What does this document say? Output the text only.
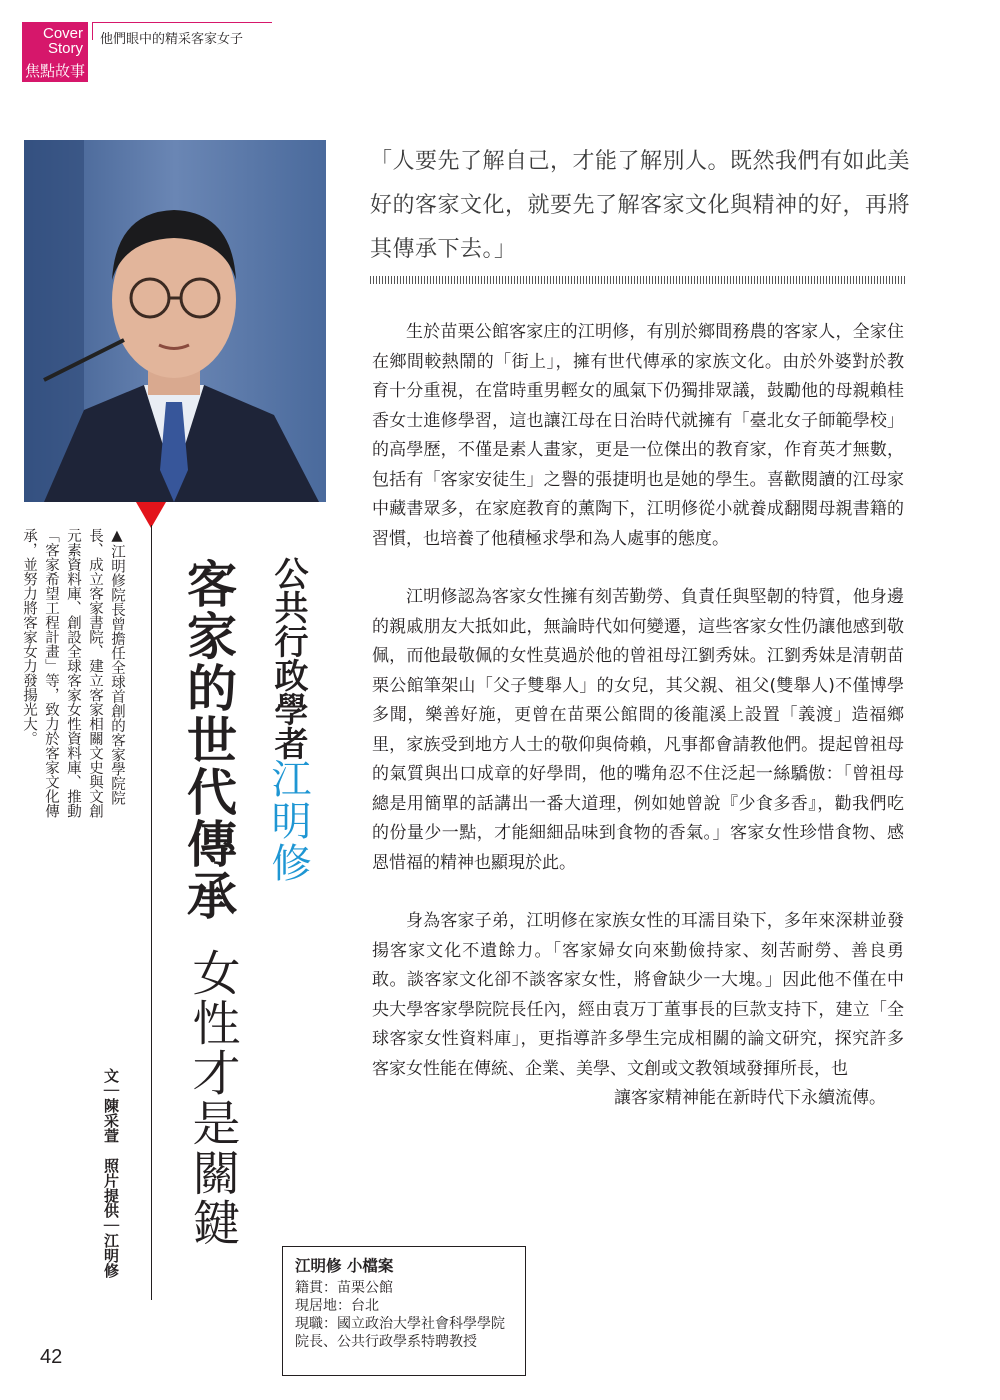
Cover
Story
焦點故事
他們眼中的精采客家女子
公共行政學者
江明修
客家的世代傳承
女性才是關鍵
▲江明修院長曾擔任全球首創的客家學院院長、成立客家書院、建立客家相關文史與文創元素資料庫、創設全球客家女性資料庫、推動「客家希望工程計畫」等，致力於客家文化傳承，並努力將客家女力發揚光大。
文｜陳采萱　照片提供｜江明修
「人要先了解自己，才能了解別人。既然我們有如此美好的客家文化，就要先了解客家文化與精神的好，再將其傳承下去。」

生於苗栗公館客家庄的江明修，有別於鄉間務農的客家人，全家住在鄉間較熱鬧的「街上」，擁有世代傳承的家族文化。由於外婆對於教育十分重視，在當時重男輕女的風氣下仍獨排眾議，鼓勵他的母親賴桂香女士進修學習，這也讓江母在日治時代就擁有「臺北女子師範學校」的高學歷，不僅是素人畫家，更是一位傑出的教育家，作育英才無數，包括有「客家安徒生」之譽的張捷明也是她的學生。喜歡閱讀的江母家中藏書眾多，在家庭教育的薰陶下，江明修從小就養成翻閱母親書籍的習慣，也培養了他積極求學和為人處事的態度。

江明修認為客家女性擁有刻苦勤勞、負責任與堅韌的特質，他身邊的親戚朋友大抵如此，無論時代如何變遷，這些客家女性仍讓他感到敬佩，而他最敬佩的女性莫過於他的曾祖母江劉秀妹。江劉秀妹是清朝苗栗公館筆架山「父子雙舉人」的女兒，其父親、祖父(雙舉人)不僅博學多聞，樂善好施，更曾在苗栗公館間的後龍溪上設置「義渡」造福鄉里，家族受到地方人士的敬仰與倚賴，凡事都會請教他們。提起曾祖母的氣質與出口成章的好學問，他的嘴角忍不住泛起一絲驕傲：「曾祖母總是用簡單的話講出一番大道理，例如她曾說『少食多香』，勸我們吃的份量少一點，才能細細品味到食物的香氣。」客家女性珍惜食物、感恩惜福的精神也顯現於此。

身為客家子弟，江明修在家族女性的耳濡目染下，多年來深耕並發揚客家文化不遺餘力。「客家婦女向來勤儉持家、刻苦耐勞、善良勇敢。談客家文化卻不談客家女性，將會缺少一大塊。」因此他不僅在中央大學客家學院院長任內，經由袁万丁董事長的巨款支持下，建立「全球客家女性資料庫」，更指導許多學生完成相關的論文研究，探究許多客家女性能在傳統、企業、美學、文創或文教領域發揮所長，也
讓客家精神能在新時代下永續流傳。

江明修 小檔案
籍貫：苗栗公館
現居地：台北
現職：國立政治大學社會科學學院
院長、公共行政學系特聘教授
42
